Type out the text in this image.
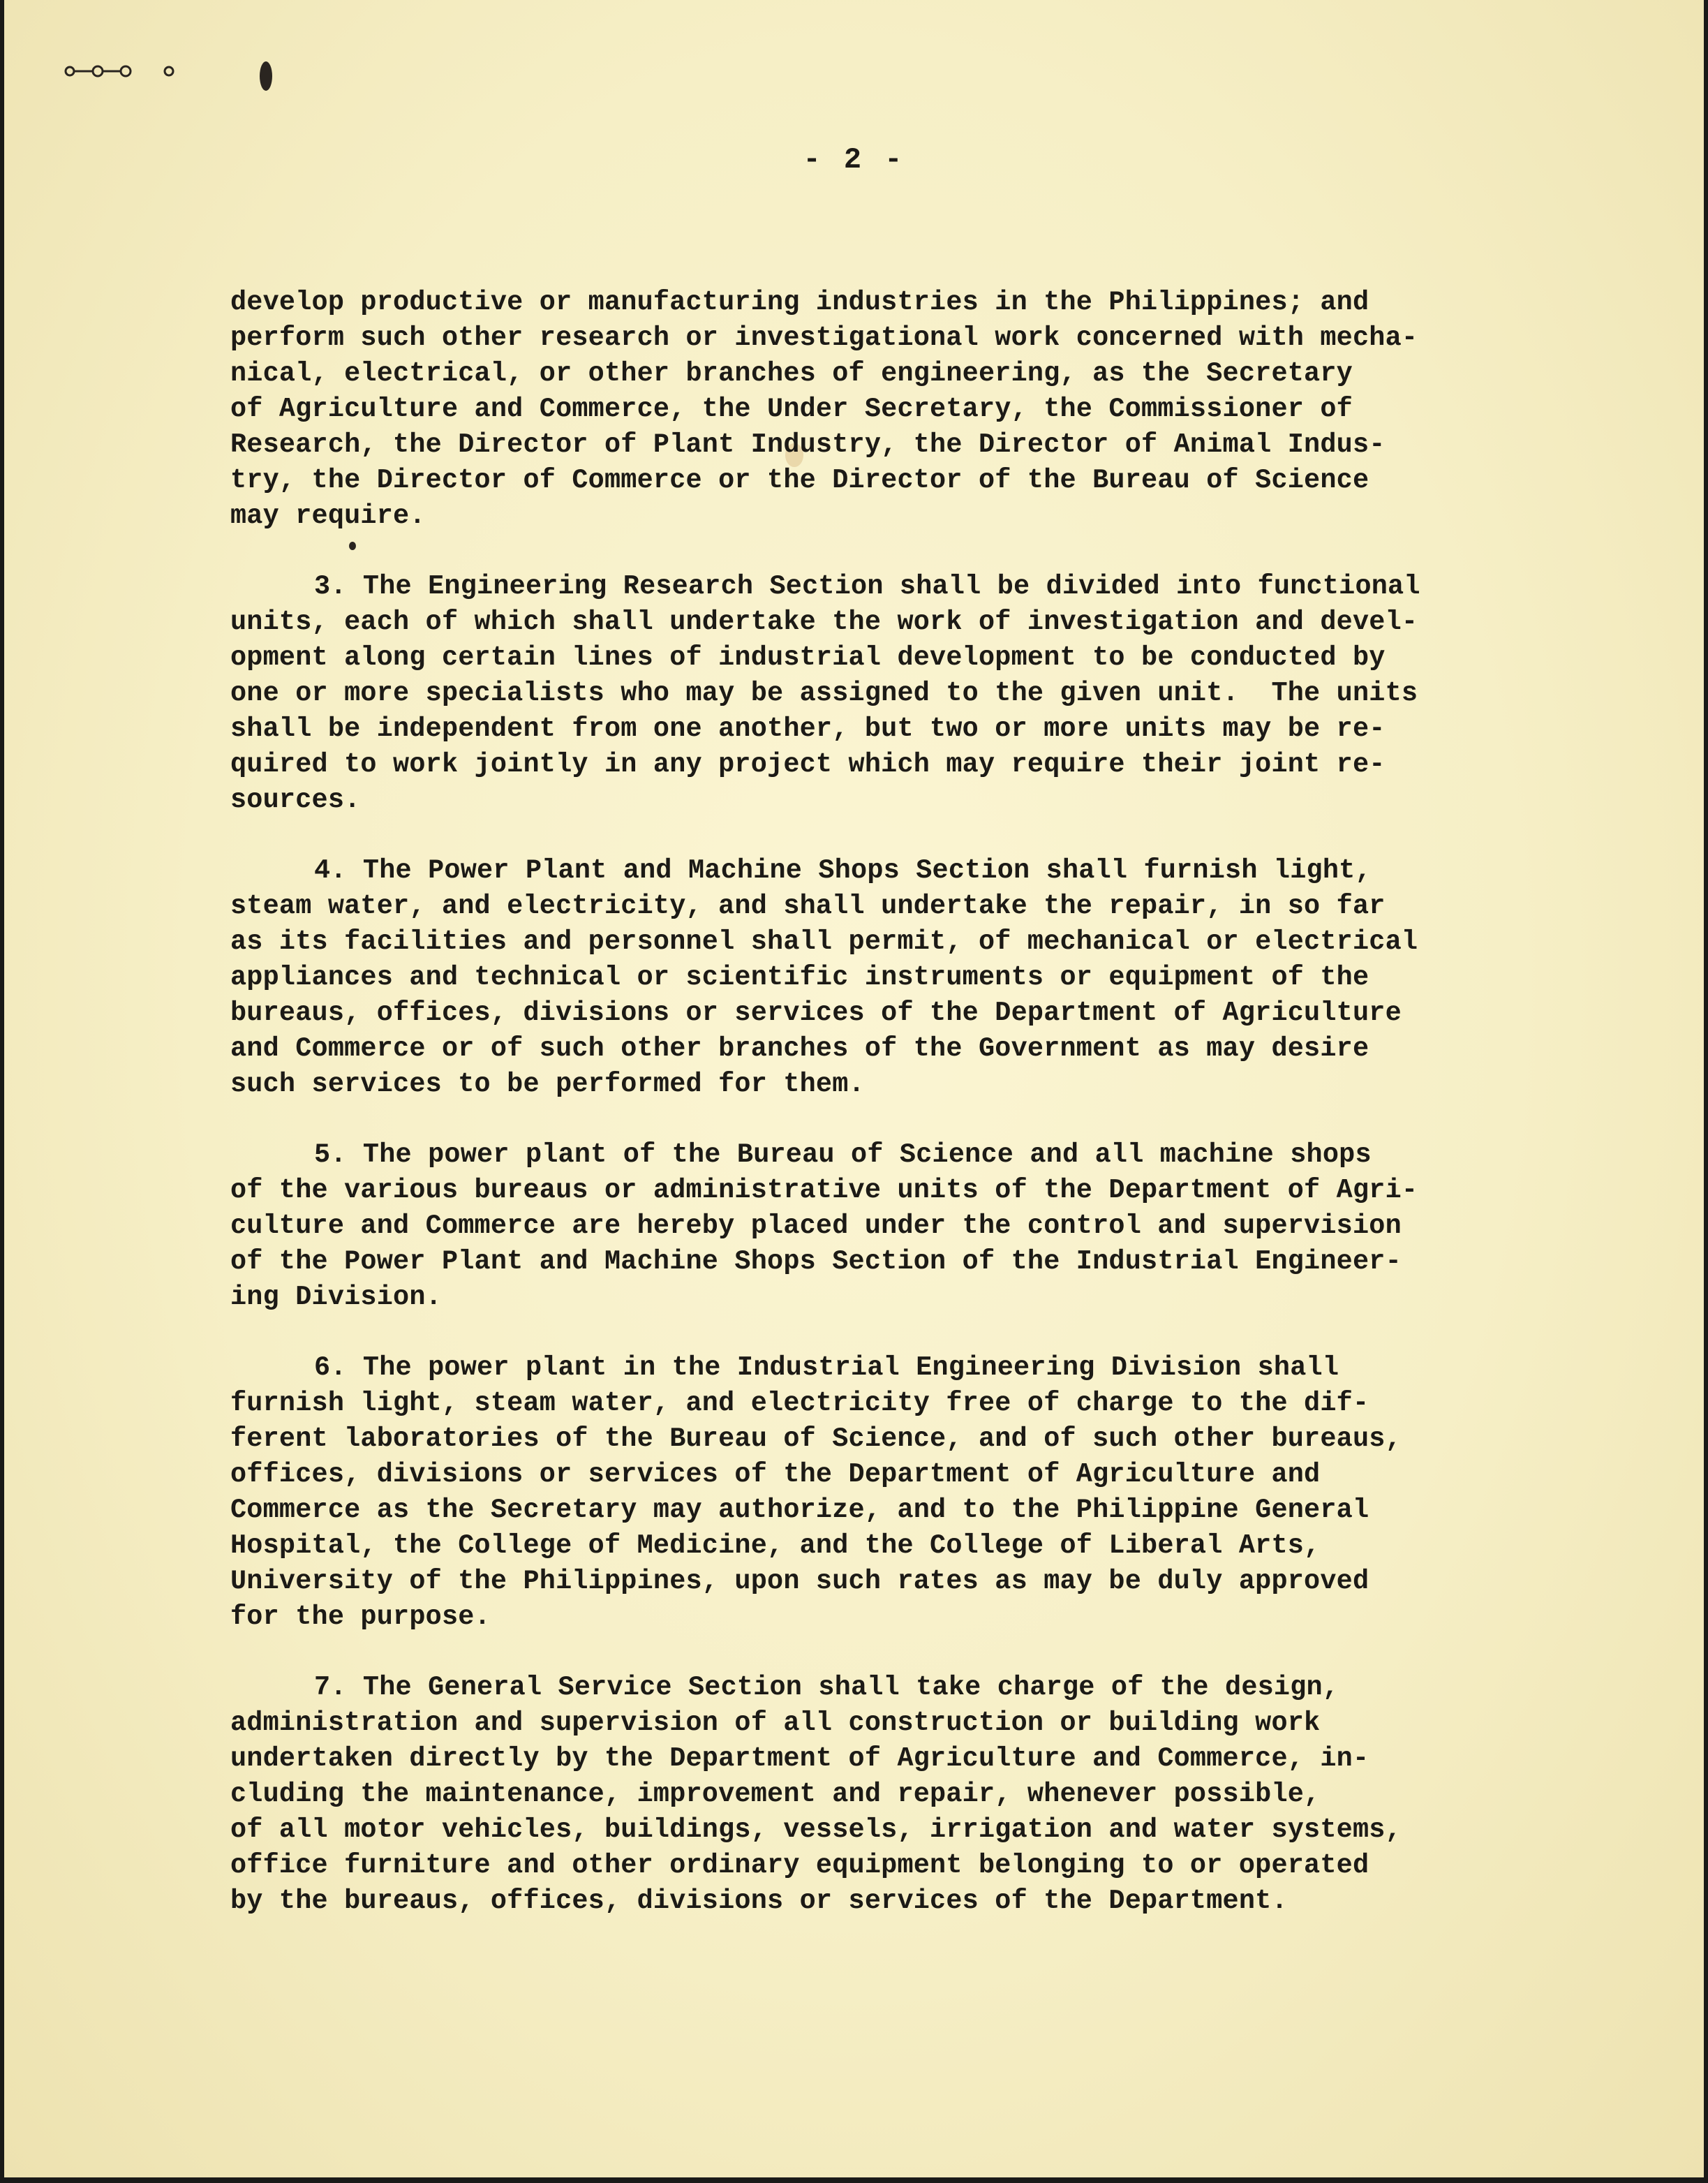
- 2 -
develop productive or manufacturing industries in the Philippines; and
perform such other research or investigational work concerned with mecha-
nical, electrical, or other branches of engineering, as the Secretary
of Agriculture and Commerce, the Under Secretary, the Commissioner of
Research, the Director of Plant Industry, the Director of Animal Indus-
try, the Director of Commerce or the Director of the Bureau of Science
may require.
3. The Engineering Research Section shall be divided into functional
units, each of which shall undertake the work of investigation and devel-
opment along certain lines of industrial development to be conducted by
one or more specialists who may be assigned to the given unit.  The units
shall be independent from one another, but two or more units may be re-
quired to work jointly in any project which may require their joint re-
sources.
4. The Power Plant and Machine Shops Section shall furnish light,
steam water, and electricity, and shall undertake the repair, in so far
as its facilities and personnel shall permit, of mechanical or electrical
appliances and technical or scientific instruments or equipment of the
bureaus, offices, divisions or services of the Department of Agriculture
and Commerce or of such other branches of the Government as may desire
such services to be performed for them.
5. The power plant of the Bureau of Science and all machine shops
of the various bureaus or administrative units of the Department of Agri-
culture and Commerce are hereby placed under the control and supervision
of the Power Plant and Machine Shops Section of the Industrial Engineer-
ing Division.
6. The power plant in the Industrial Engineering Division shall
furnish light, steam water, and electricity free of charge to the dif-
ferent laboratories of the Bureau of Science, and of such other bureaus,
offices, divisions or services of the Department of Agriculture and
Commerce as the Secretary may authorize, and to the Philippine General
Hospital, the College of Medicine, and the College of Liberal Arts,
University of the Philippines, upon such rates as may be duly approved
for the purpose.
7. The General Service Section shall take charge of the design,
administration and supervision of all construction or building work
undertaken directly by the Department of Agriculture and Commerce, in-
cluding the maintenance, improvement and repair, whenever possible,
of all motor vehicles, buildings, vessels, irrigation and water systems,
office furniture and other ordinary equipment belonging to or operated
by the bureaus, offices, divisions or services of the Department.
